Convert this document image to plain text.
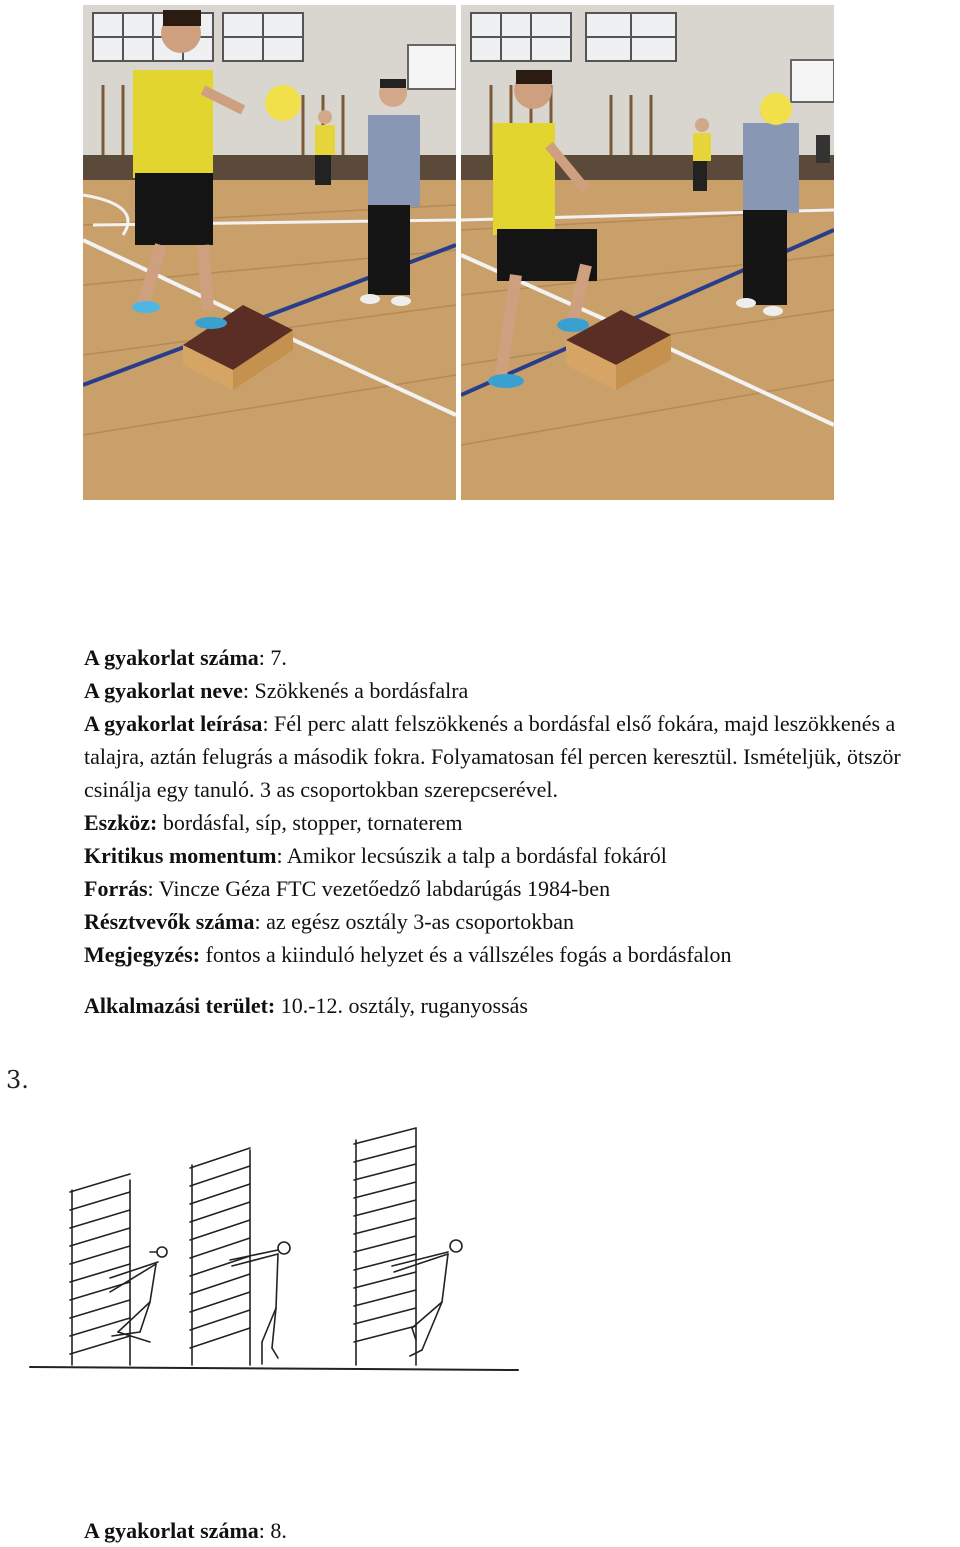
A gyakorlat száma: 7.
A gyakorlat neve: Szökkenés a bordásfalra
A gyakorlat leírása: Fél perc alatt felszökkenés a bordásfal első fokára, majd leszökkenés a talajra, aztán felugrás a második fokra. Folyamatosan fél percen keresztül. Ismételjük, ötször csinálja egy tanuló. 3 as csoportokban szerepcserével.
Eszköz: bordásfal, síp, stopper, tornaterem
Kritikus momentum: Amikor lecsúszik a talp a bordásfal fokáról
Forrás: Vincze Géza FTC vezetőedző labdarúgás 1984-ben
Résztvevők száma: az egész osztály 3-as csoportokban
Megjegyzés: fontos a kiinduló helyzet és a vállszéles fogás a bordásfalon
Alkalmazási terület: 10.-12. osztály, ruganyossás
3.
A gyakorlat száma: 8.
